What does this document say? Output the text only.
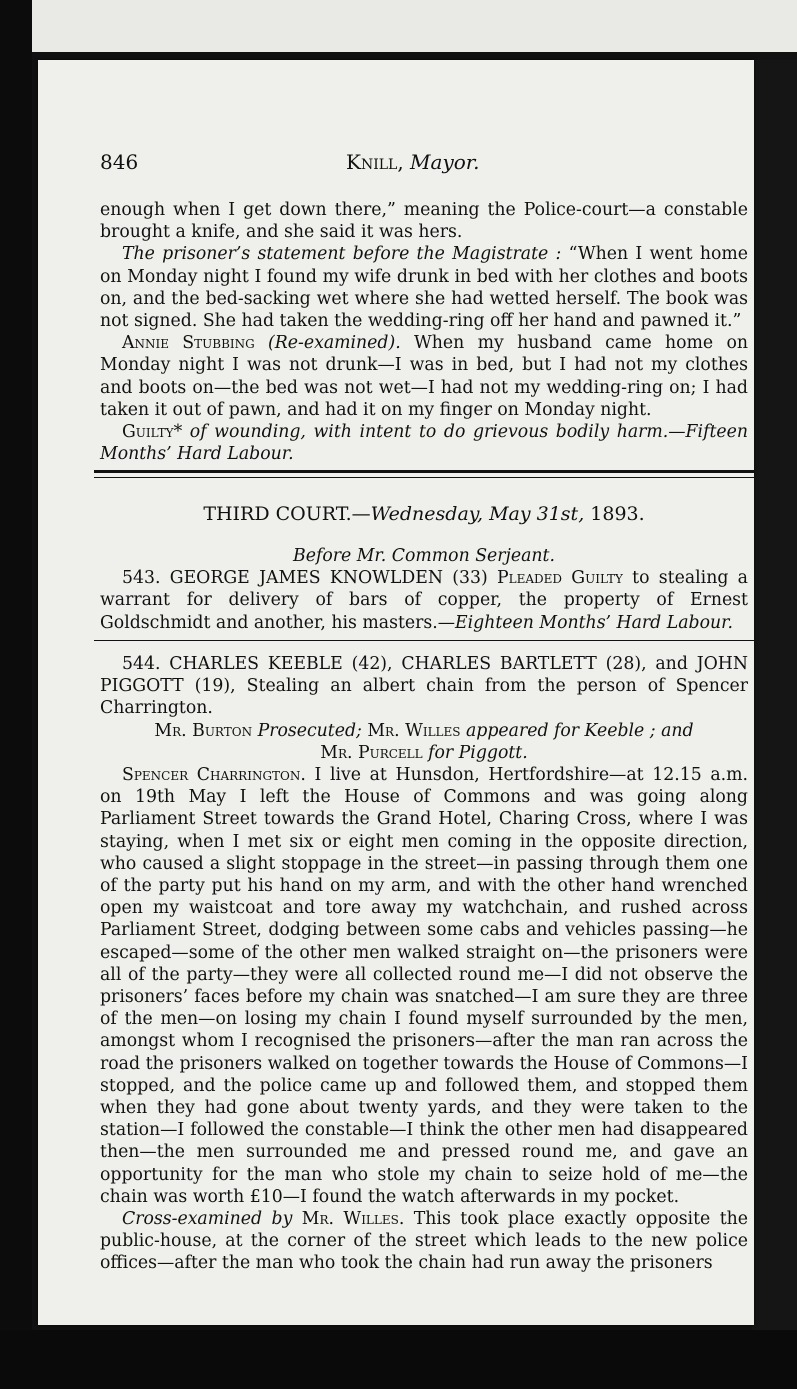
846	Knill, Mayor.

enough when I get down there,” meaning the Police-court—a constable brought a knife, and she said it was hers.

The prisoner’s statement before the Magistrate : “When I went home on Monday night I found my wife drunk in bed with her clothes and boots on, and the bed-sacking wet where she had wetted herself. The book was not signed. She had taken the wedding-ring off her hand and pawned it.”

Annie Stubbing (Re-examined). When my husband came home on Monday night I was not drunk—I was in bed, but I had not my clothes and boots on—the bed was not wet—I had not my wedding-ring on; I had taken it out of pawn, and had it on my finger on Monday night.

Guilty* of wounding, with intent to do grievous bodily harm.—Fifteen Months’ Hard Labour.

THIRD COURT.—Wednesday, May 31st, 1893.

Before Mr. Common Serjeant.

543. GEORGE JAMES KNOWLDEN (33) Pleaded Guilty to stealing a warrant for delivery of bars of copper, the property of Ernest Goldschmidt and another, his masters.—Eighteen Months’ Hard Labour.

544. CHARLES KEEBLE (42), CHARLES BARTLETT (28), and JOHN PIGGOTT (19), Stealing an albert chain from the person of Spencer Charrington.

Mr. Burton Prosecuted; Mr. Willes appeared for Keeble ; and

Mr. Purcell for Piggott.

Spencer Charrington. I live at Hunsdon, Hertfordshire—at 12.15 a.m. on 19th May I left the House of Commons and was going along Parliament Street towards the Grand Hotel, Charing Cross, where I was staying, when I met six or eight men coming in the opposite direction, who caused a slight stoppage in the street—in passing through them one of the party put his hand on my arm, and with the other hand wrenched open my waistcoat and tore away my watchchain, and rushed across Parliament Street, dodging between some cabs and vehicles passing—he escaped—some of the other men walked straight on—the prisoners were all of the party—they were all collected round me—I did not observe the prisoners’ faces before my chain was snatched—I am sure they are three of the men—on losing my chain I found myself surrounded by the men, amongst whom I recognised the prisoners—after the man ran across the road the prisoners walked on together towards the House of Commons—I stopped, and the police came up and followed them, and stopped them when they had gone about twenty yards, and they were taken to the station—I followed the constable—I think the other men had disappeared then—the men surrounded me and pressed round me, and gave an opportunity for the man who stole my chain to seize hold of me—the chain was worth £10—I found the watch afterwards in my pocket.

Cross-examined by Mr. Willes. This took place exactly opposite the public-house, at the corner of the street which leads to the new police offices—after the man who took the chain had run away the prisoners
